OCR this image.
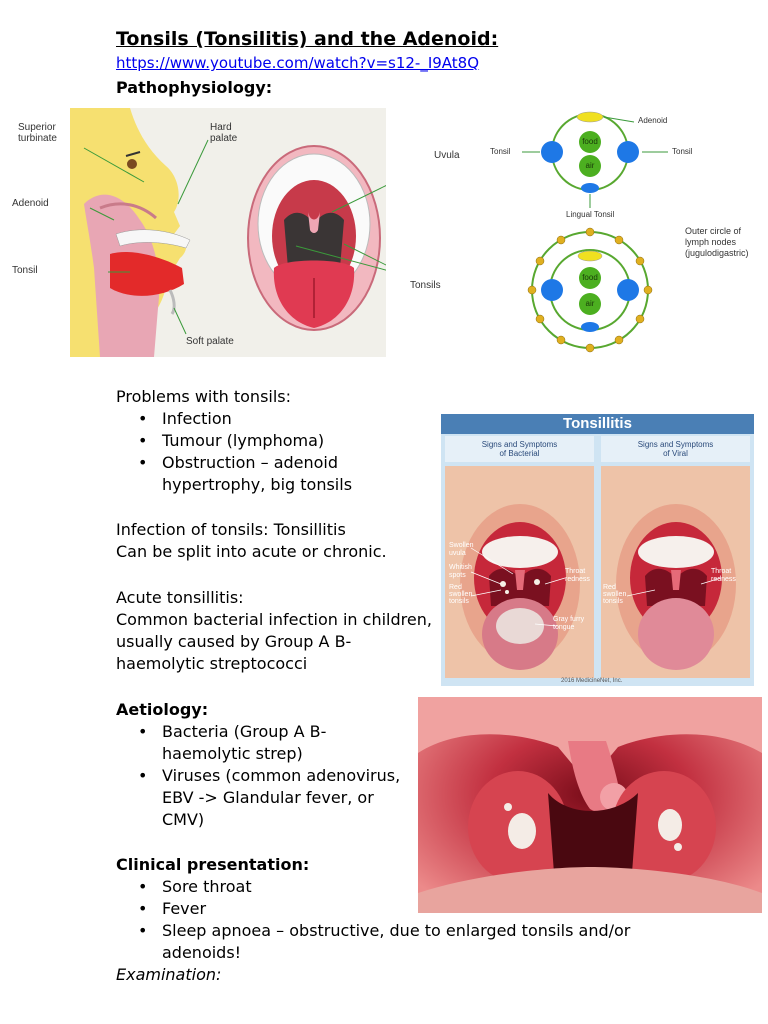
Tonsils (Tonsilitis) and the Adenoid:
https://www.youtube.com/watch?v=s12-_I9At8Q
Pathophysiology:
Hard
palate
Soft palate
Superior
turbinate
Adenoid
Tonsil
Uvula
Tonsils
Adenoid
Tonsil	Tonsil
food
air
Lingual Tonsil
food
air
Outer circle of
lymph nodes
(jugulodigastric)
Problems with tonsils:
• Infection
• Tumour (lymphoma)
• Obstruction – adenoid
hypertrophy, big tonsils
Infection of tonsils: Tonsillitis
Can be split into acute or chronic.
Acute tonsillitis:
Common bacterial infection in children,
usually caused by Group A B-
haemolytic streptococci
Tonsillitis
Signs and Symptoms
of Bacterial
Signs and Symptoms
of Viral
Swollen
uvula
Whitish
spots
Red
swollen
tonsils
Throat
redness
Gray furry
tongue
Red
swollen
tonsils
Throat
redness
2016 MedicineNet, Inc.
Aetiology:
• Bacteria (Group A B-
haemolytic strep)
• Viruses (common adenovirus,
EBV -> Glandular fever, or
CMV)
Clinical presentation:
• Sore throat
• Fever
• Sleep apnoea – obstructive, due to enlarged tonsils and/or
adenoids!
Examination:
